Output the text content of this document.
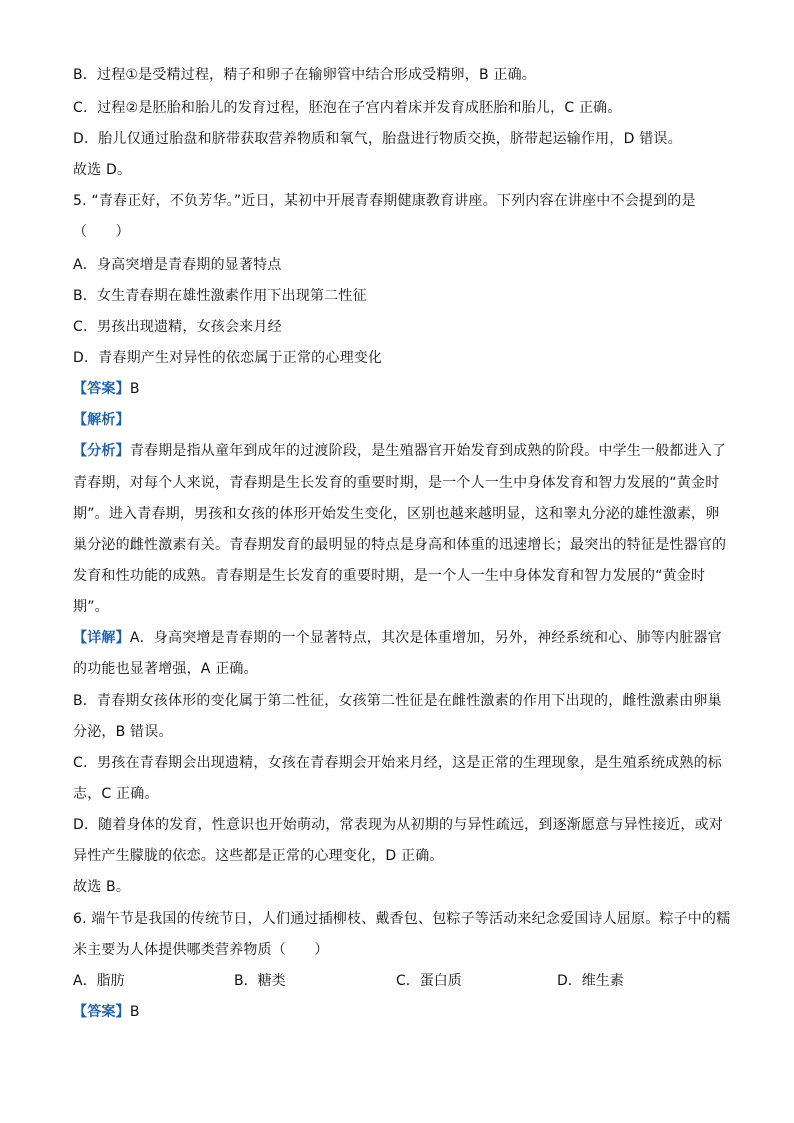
B．过程①是受精过程，精子和卵子在输卵管中结合形成受精卵，B 正确。
C．过程②是胚胎和胎儿的发育过程，胚泡在子宫内着床并发育成胚胎和胎儿，C 正确。
D．胎儿仅通过胎盘和脐带获取营养物质和氧气，胎盘进行物质交换，脐带起运输作用，D 错误。
故选 D。
5. “青春正好，不负芳华。”近日，某初中开展青春期健康教育讲座。下列内容在讲座中不会提到的是
（　　）
A．身高突增是青春期的显著特点
B．女生青春期在雄性激素作用下出现第二性征
C．男孩出现遗精，女孩会来月经
D．青春期产生对异性的依恋属于正常的心理变化
【答案】B
【解析】
【分析】青春期是指从童年到成年的过渡阶段，是生殖器官开始发育到成熟的阶段。中学生一般都进入了
青春期，对每个人来说，青春期是生长发育的重要时期，是一个人一生中身体发育和智力发展的“黄金时
期”。进入青春期，男孩和女孩的体形开始发生变化，区别也越来越明显，这和睾丸分泌的雄性激素，卵
巢分泌的雌性激素有关。青春期发育的最明显的特点是身高和体重的迅速增长；最突出的特征是性器官的
发育和性功能的成熟。青春期是生长发育的重要时期，是一个人一生中身体发育和智力发展的“黄金时
期”。
【详解】A．身高突增是青春期的一个显著特点，其次是体重增加，另外，神经系统和心、肺等内脏器官
的功能也显著增强，A 正确。
B．青春期女孩体形的变化属于第二性征，女孩第二性征是在雌性激素的作用下出现的，雌性激素由卵巢
分泌，B 错误。
C．男孩在青春期会出现遗精，女孩在青春期会开始来月经，这是正常的生理现象，是生殖系统成熟的标
志，C 正确。
D．随着身体的发育，性意识也开始萌动，常表现为从初期的与异性疏远，到逐渐愿意与异性接近，或对
异性产生朦胧的依恋。这些都是正常的心理变化，D 正确。
故选 B。
6. 端午节是我国的传统节日，人们通过插柳枝、戴香包、包粽子等活动来纪念爱国诗人屈原。粽子中的糯
米主要为人体提供哪类营养物质（　　）
A．脂肪	B．糖类	C．蛋白质	D．维生素
【答案】B
